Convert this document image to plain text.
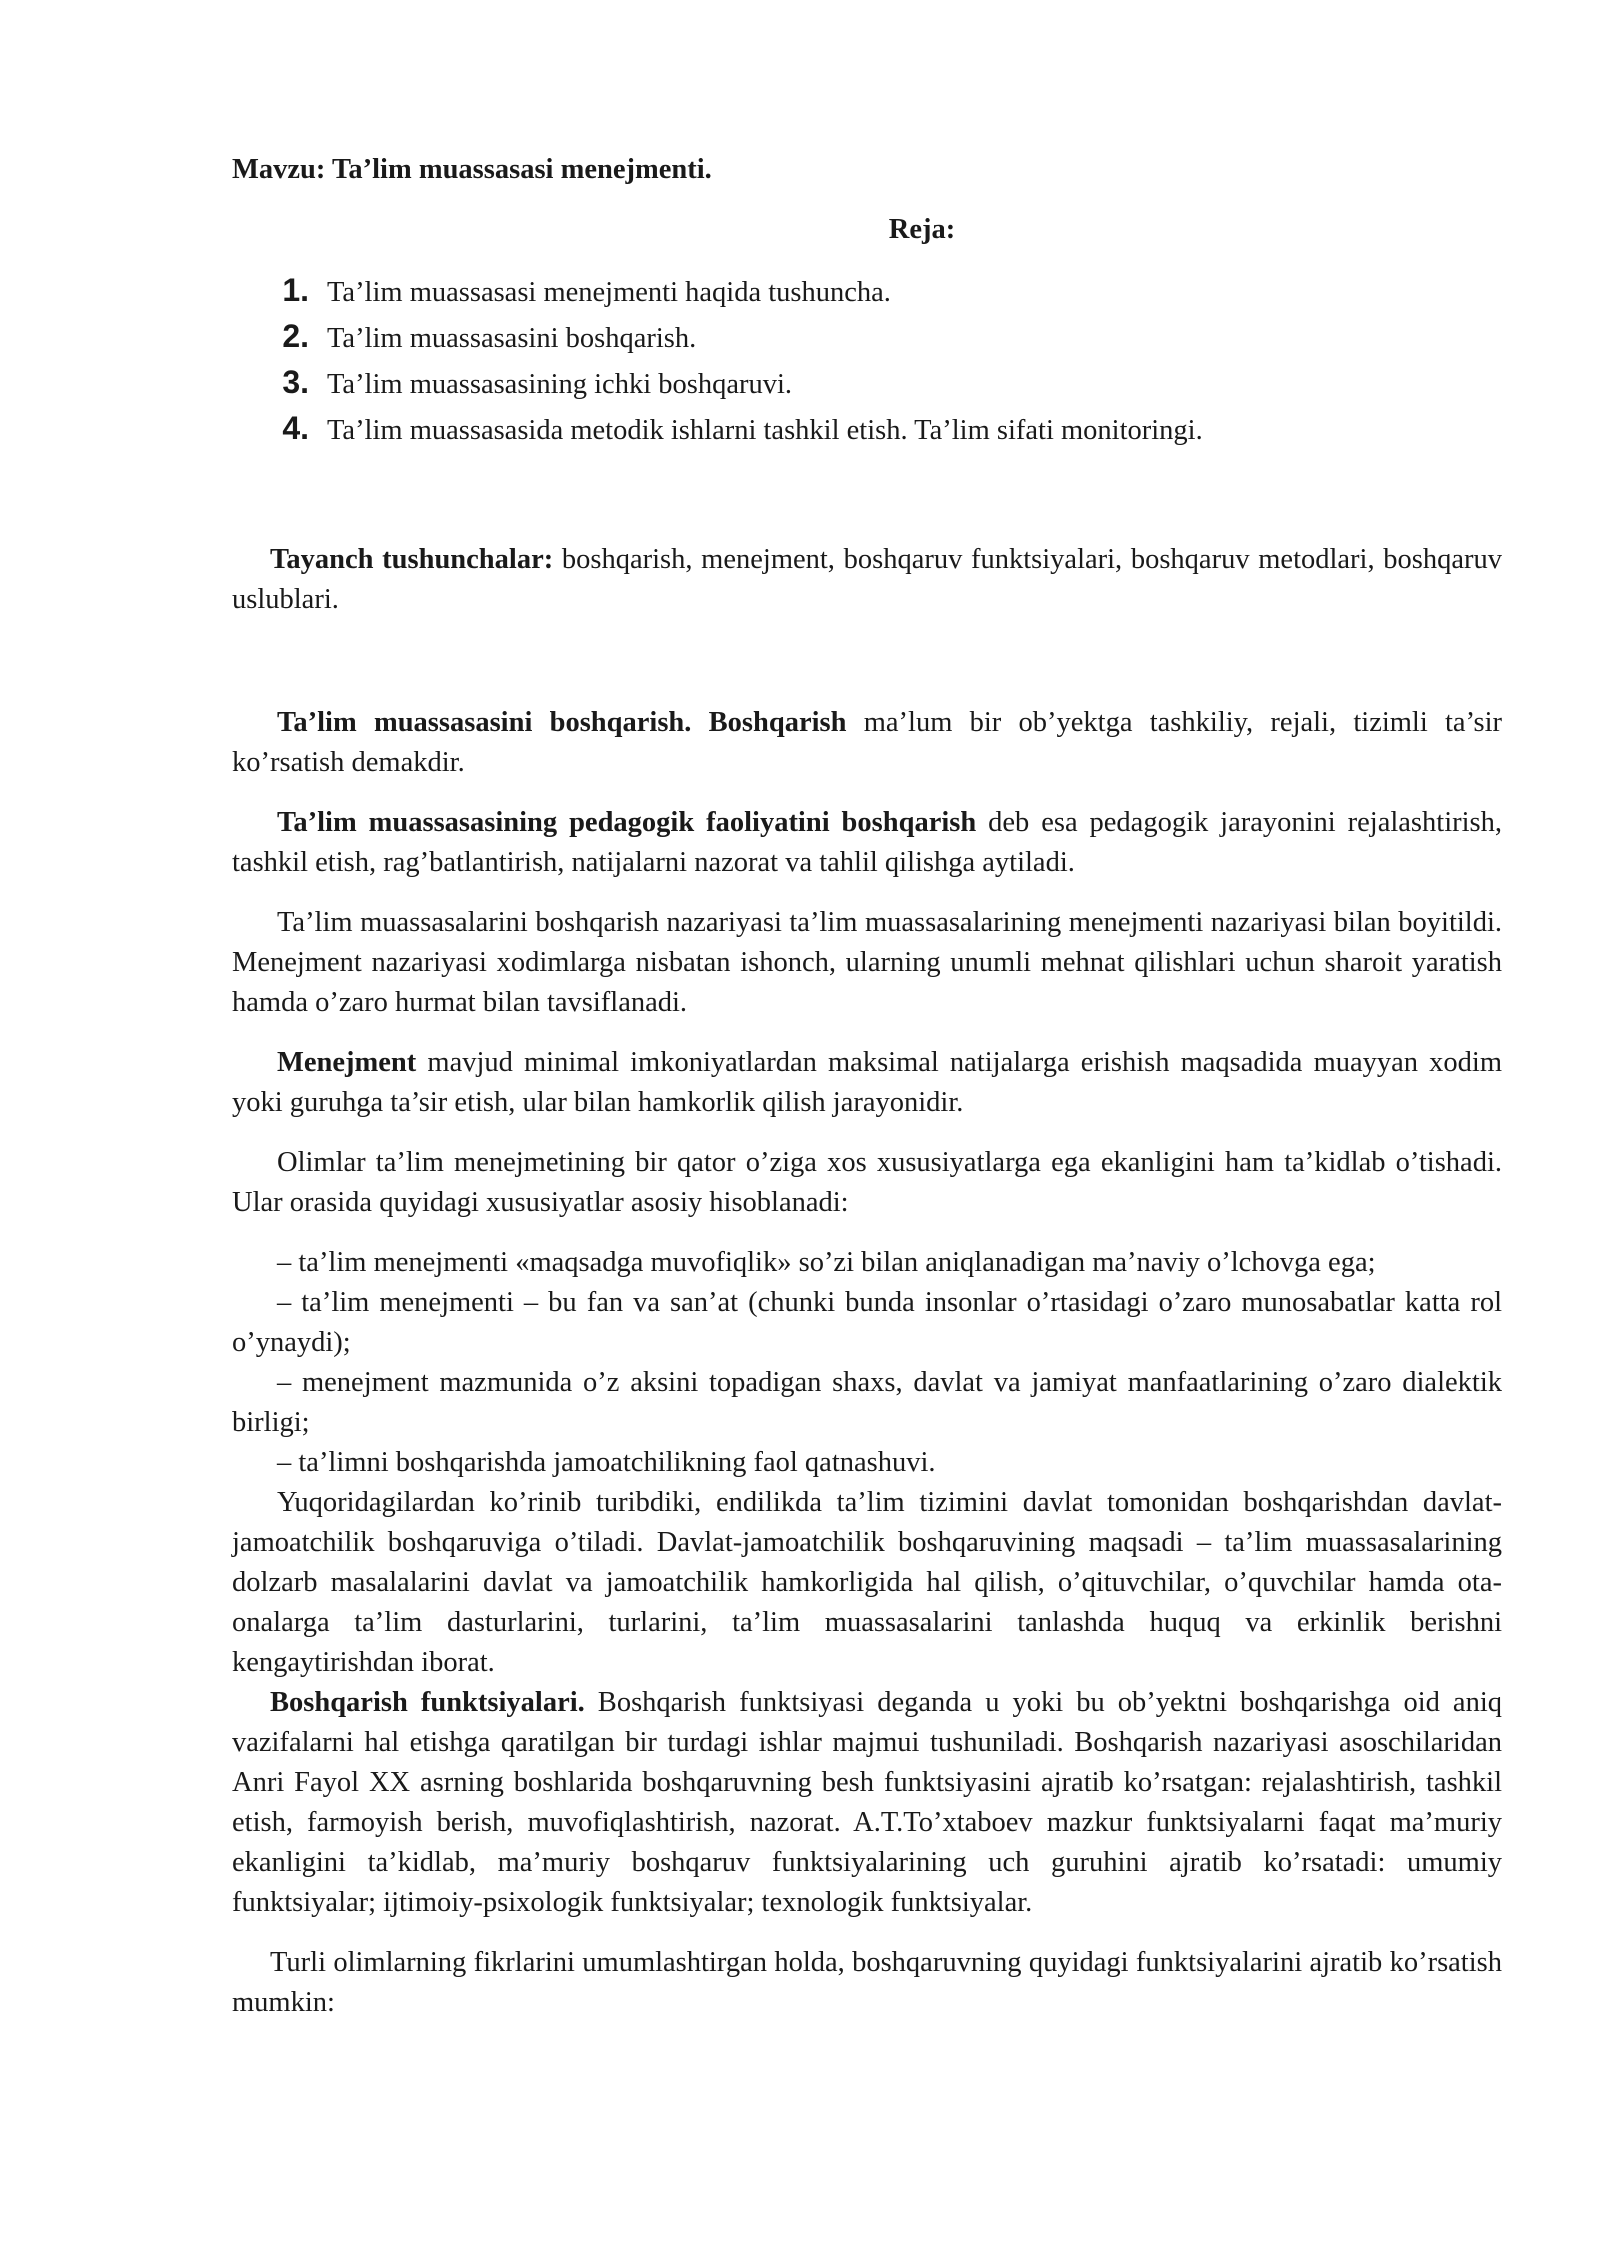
Mavzu: Ta’lim muassasasi menejmenti.

Reja:

1. Ta’lim muassasasi menejmenti haqida tushuncha.
2. Ta’lim muassasasini boshqarish.
3. Ta’lim muassasasining ichki boshqaruvi.
4. Ta’lim muassasasida metodik ishlarni tashkil etish. Ta’lim sifati monitoringi.

Tayanch tushunchalar: boshqarish, menejment, boshqaruv funktsiyalari, boshqaruv metodlari, boshqaruv uslublari.

Ta’lim muassasasini boshqarish. Boshqarish ma’lum bir ob’yektga tashkiliy, rejali, tizimli ta’sir ko’rsatish demakdir.

Ta’lim muassasasining pedagogik faoliyatini boshqarish deb esa pedagogik jarayonini rejalashtirish, tashkil etish, rag’batlantirish, natijalarni nazorat va tahlil qilishga aytiladi.

Ta’lim muassasalarini boshqarish nazariyasi ta’lim muassasalarining menejmenti nazariyasi bilan boyitildi. Menejment nazariyasi xodimlarga nisbatan ishonch, ularning unumli mehnat qilishlari uchun sharoit yaratish hamda o’zaro hurmat bilan tavsiflanadi.

Menejment mavjud minimal imkoniyatlardan maksimal natijalarga erishish maqsadida muayyan xodim yoki guruhga ta’sir etish, ular bilan hamkorlik qilish jarayonidir.

Olimlar ta’lim menejmetining bir qator o’ziga xos xususiyatlarga ega ekanligini ham ta’kidlab o’tishadi. Ular orasida quyidagi xususiyatlar asosiy hisoblanadi:

– ta’lim menejmenti «maqsadga muvofiqlik» so’zi bilan aniqlanadigan ma’naviy o’lchovga ega;

– ta’lim menejmenti – bu fan va san’at (chunki bunda insonlar o’rtasidagi o’zaro munosabatlar katta rol o’ynaydi);

– menejment mazmunida o’z aksini topadigan shaxs, davlat va jamiyat manfaatlarining o’zaro dialektik birligi;

– ta’limni boshqarishda jamoatchilikning faol qatnashuvi.

Yuqoridagilardan ko’rinib turibdiki, endilikda ta’lim tizimini davlat tomonidan boshqarishdan davlat-jamoatchilik boshqaruviga o’tiladi. Davlat-jamoatchilik boshqaruvining maqsadi – ta’lim muassasalarining dolzarb masalalarini davlat va jamoatchilik hamkorligida hal qilish, o’qituvchilar, o’quvchilar hamda ota-onalarga ta’lim dasturlarini, turlarini, ta’lim muassasalarini tanlashda huquq va erkinlik berishni kengaytirishdan iborat.

Boshqarish funktsiyalari. Boshqarish funktsiyasi deganda u yoki bu ob’yektni boshqarishga oid aniq vazifalarni hal etishga qaratilgan bir turdagi ishlar majmui tushuniladi. Boshqarish nazariyasi asoschilaridan Anri Fayol XX asrning boshlarida boshqaruvning besh funktsiyasini ajratib ko’rsatgan: rejalashtirish, tashkil etish, farmoyish berish, muvofiqlashtirish, nazorat. A.T.To’xtaboev mazkur funktsiyalarni faqat ma’muriy ekanligini ta’kidlab, ma’muriy boshqaruv funktsiyalarining uch guruhini ajratib ko’rsatadi: umumiy funktsiyalar; ijtimoiy-psixologik funktsiyalar; texnologik funktsiyalar.

Turli olimlarning fikrlarini umumlashtirgan holda, boshqaruvning quyidagi funktsiyalarini ajratib ko’rsatish mumkin:
